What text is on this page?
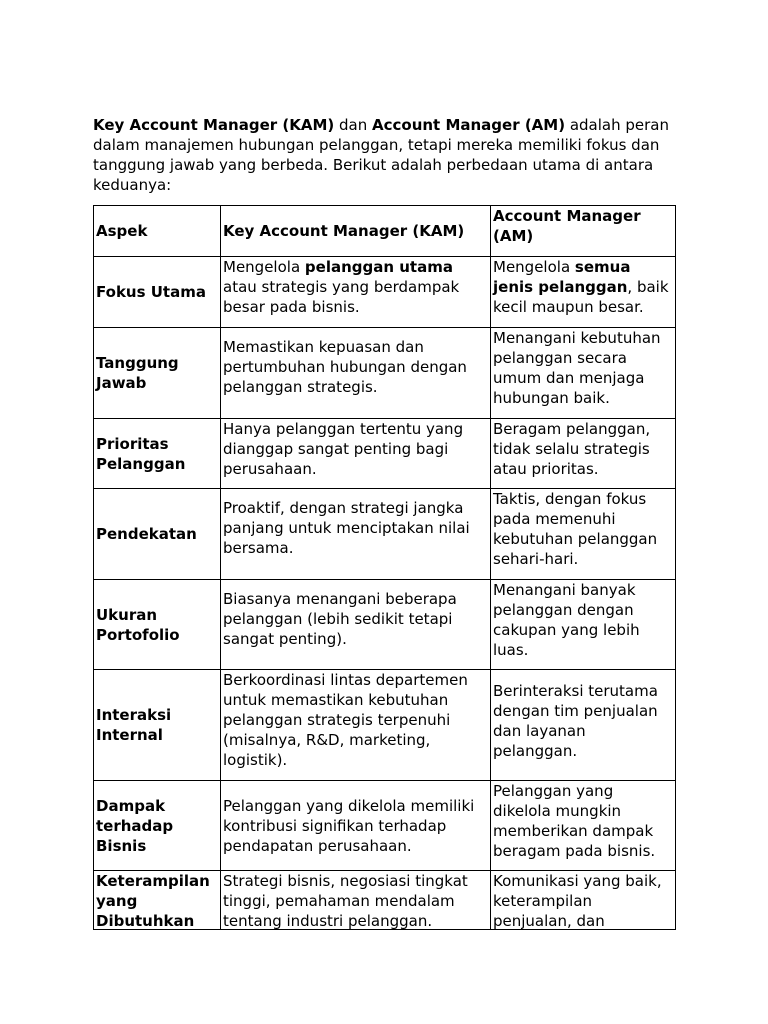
Key Account Manager (KAM) dan Account Manager (AM) adalah peran dalam manajemen hubungan pelanggan, tetapi mereka memiliki fokus dan tanggung jawab yang berbeda. Berikut adalah perbedaan utama di antara keduanya:

Aspek	Key Account Manager (KAM)	Account Manager (AM)
Fokus Utama	Mengelola pelanggan utama atau strategis yang berdampak besar pada bisnis.	Mengelola semua jenis pelanggan, baik kecil maupun besar.
Tanggung Jawab	Memastikan kepuasan dan pertumbuhan hubungan dengan pelanggan strategis.	Menangani kebutuhan pelanggan secara umum dan menjaga hubungan baik.
Prioritas Pelanggan	Hanya pelanggan tertentu yang dianggap sangat penting bagi perusahaan.	Beragam pelanggan, tidak selalu strategis atau prioritas.
Pendekatan	Proaktif, dengan strategi jangka panjang untuk menciptakan nilai bersama.	Taktis, dengan fokus pada memenuhi kebutuhan pelanggan sehari-hari.
Ukuran Portofolio	Biasanya menangani beberapa pelanggan (lebih sedikit tetapi sangat penting).	Menangani banyak pelanggan dengan cakupan yang lebih luas.
Interaksi Internal	Berkoordinasi lintas departemen untuk memastikan kebutuhan pelanggan strategis terpenuhi (misalnya, R&D, marketing, logistik).	Berinteraksi terutama dengan tim penjualan dan layanan pelanggan.
Dampak terhadap Bisnis	Pelanggan yang dikelola memiliki kontribusi signifikan terhadap pendapatan perusahaan.	Pelanggan yang dikelola mungkin memberikan dampak beragam pada bisnis.

Keterampilan yang Dibutuhkan	Strategi bisnis, negosiasi tingkat tinggi, pemahaman mendalam tentang industri pelanggan.	Komunikasi yang baik, keterampilan penjualan, dan
